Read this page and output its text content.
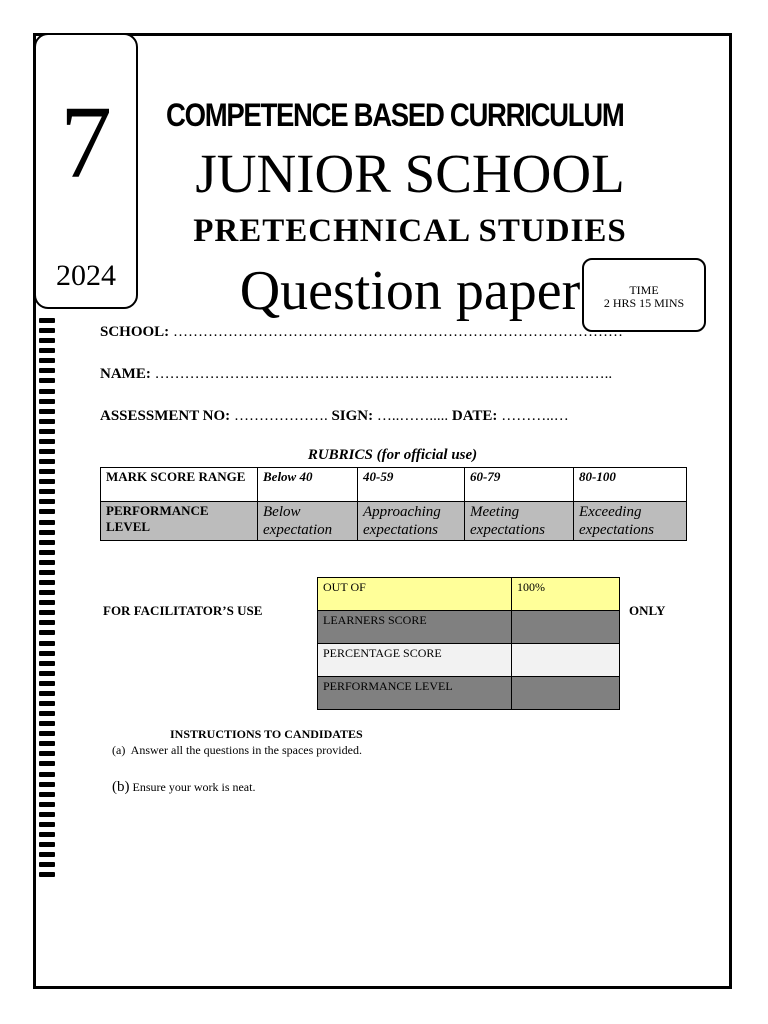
7
2024
COMPETENCE BASED CURRICULUM
JUNIOR SCHOOL
PRETECHNICAL STUDIES
Question paper	TIME
2 HRS 15 MINS
SCHOOL: ………………………………………………………………………………
NAME: ………………………………………………………………………………..
ASSESSMENT NO: ………………. SIGN: …..……..... DATE: ………..…
RUBRICS (for official use)
MARK SCORE RANGE	Below 40	40-59	60-79	80-100
PERFORMANCE LEVEL	Below expectation	Approaching expectations	Meeting expectations	Exceeding expectations
FOR FACILITATOR’S USE	ONLY
OUT OF	100%
LEARNERS SCORE	
PERCENTAGE SCORE	
PERFORMANCE LEVEL	
INSTRUCTIONS TO CANDIDATES
(a) Answer all the questions in the spaces provided.
(b) Ensure your work is neat.
